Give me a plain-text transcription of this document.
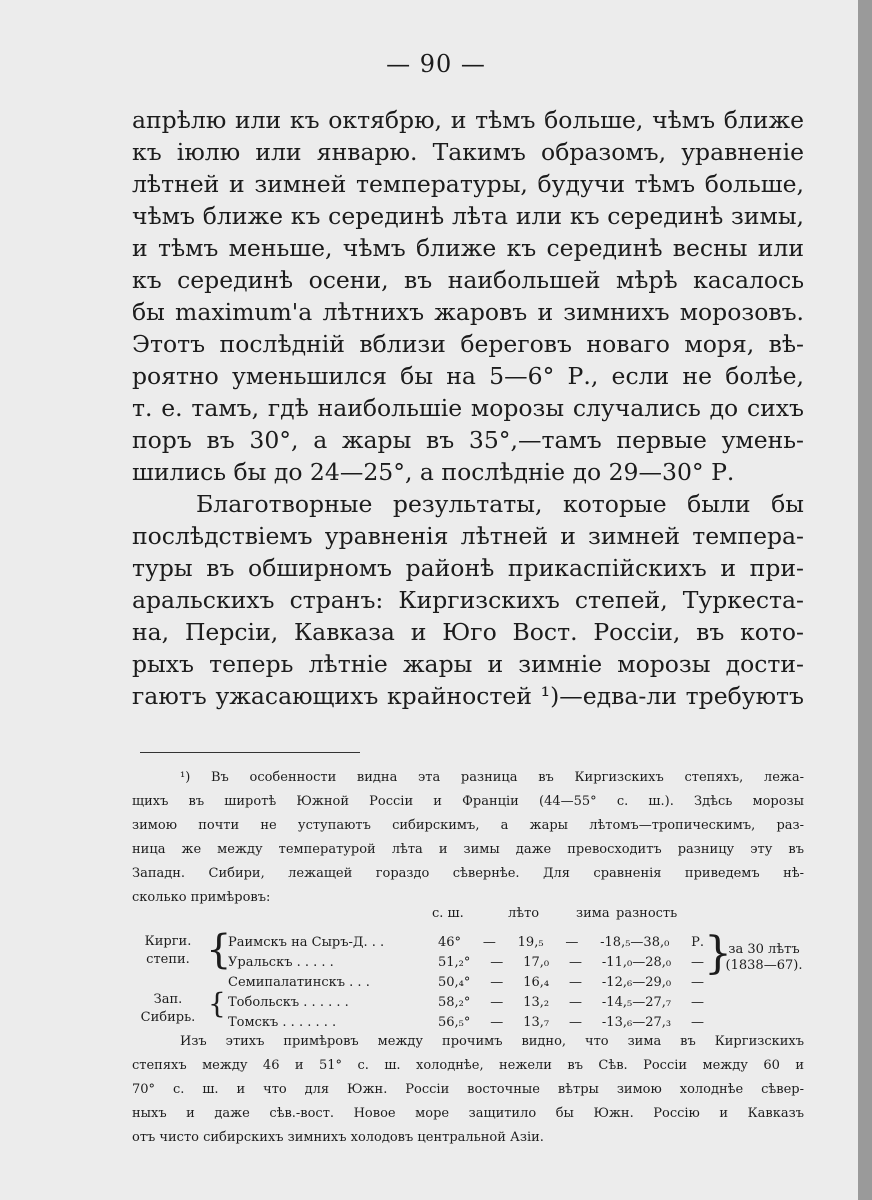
— 90 —
апрѣлю или къ октябрю, и тѣмъ больше, чѣмъ ближе
къ іюлю или январю. Такимъ образомъ, уравненіе
лѣтней и зимней температуры, будучи тѣмъ больше,
чѣмъ ближе къ серединѣ лѣта или къ серединѣ зимы,
и тѣмъ меньше, чѣмъ ближе къ серединѣ весны или
къ серединѣ осени, въ наибольшей мѣрѣ касалось
бы maximum'а лѣтнихъ жаровъ и зимнихъ морозовъ.
Этотъ послѣдній вблизи береговъ новаго моря, вѣ-
роятно уменьшился бы на 5—6° Р., если не болѣе,
т. е. тамъ, гдѣ наибольшіе морозы случались до сихъ
поръ въ 30°, а жары въ 35°,—тамъ первые умень-
шились бы до 24—25°, а послѣдніе до 29—30° Р.
Благотворные результаты, которые были бы
послѣдствіемъ уравненія лѣтней и зимней темпера-
туры въ обширномъ районѣ прикаспійскихъ и при-
аральскихъ странъ: Киргизскихъ степей, Туркеста-
на, Персіи, Кавказа и Юго Вост. Россіи, въ кото-
рыхъ теперь лѣтніе жары и зимніе морозы дости-
гаютъ ужасающихъ крайностей ¹)—едва-ли требуютъ
¹) Въ особенности видна эта разница въ Киргизскихъ степяхъ, лежа-
щихъ въ широтѣ Южной Россіи и Франціи (44—55° с. ш.). Здѣсь морозы
зимою почти не уступаютъ сибирскимъ, а жары лѣтомъ—тропическимъ, раз-
ница же между температурой лѣта и зимы даже превосходитъ разницу эту въ
Западн. Сибири, лежащей гораздо сѣвернѣе. Для сравненія приведемъ нѣ-
сколько примѣровъ:
с. ш.	лѣто	зима разность
Кирги.
степи. {
Зап.
Сибирь. {
Раимскъ на Сыръ-Д. . .	46° — 19,₅ — -18,₅—38,₀ Р.
Уральскъ . . . . .	51,₂° — 17,₀ — -11,₀—28,₀ —
Семипалатинскъ . . .	50,₄° — 16,₄ — -12,₆—29,₀ —
Тобольскъ . . . . . .	58,₂° — 13,₂ — -14,₅—27,₇ —
Томскъ . . . . . . .	56,₅° — 13,₇ — -13,₆—27,₃ —
}
за 30 лѣтъ
(1838—67).
Изъ этихъ примѣровъ между прочимъ видно, что зима въ Киргизскихъ
степяхъ между 46 и 51° с. ш. холоднѣе, нежели въ Сѣв. Россіи между 60 и
70° с. ш. и что для Южн. Россіи восточные вѣтры зимою холоднѣе сѣвер-
ныхъ и даже сѣв.-вост. Новое море защитило бы Южн. Россію и Кавказъ
отъ чисто сибирскихъ зимнихъ холодовъ центральной Азіи.
